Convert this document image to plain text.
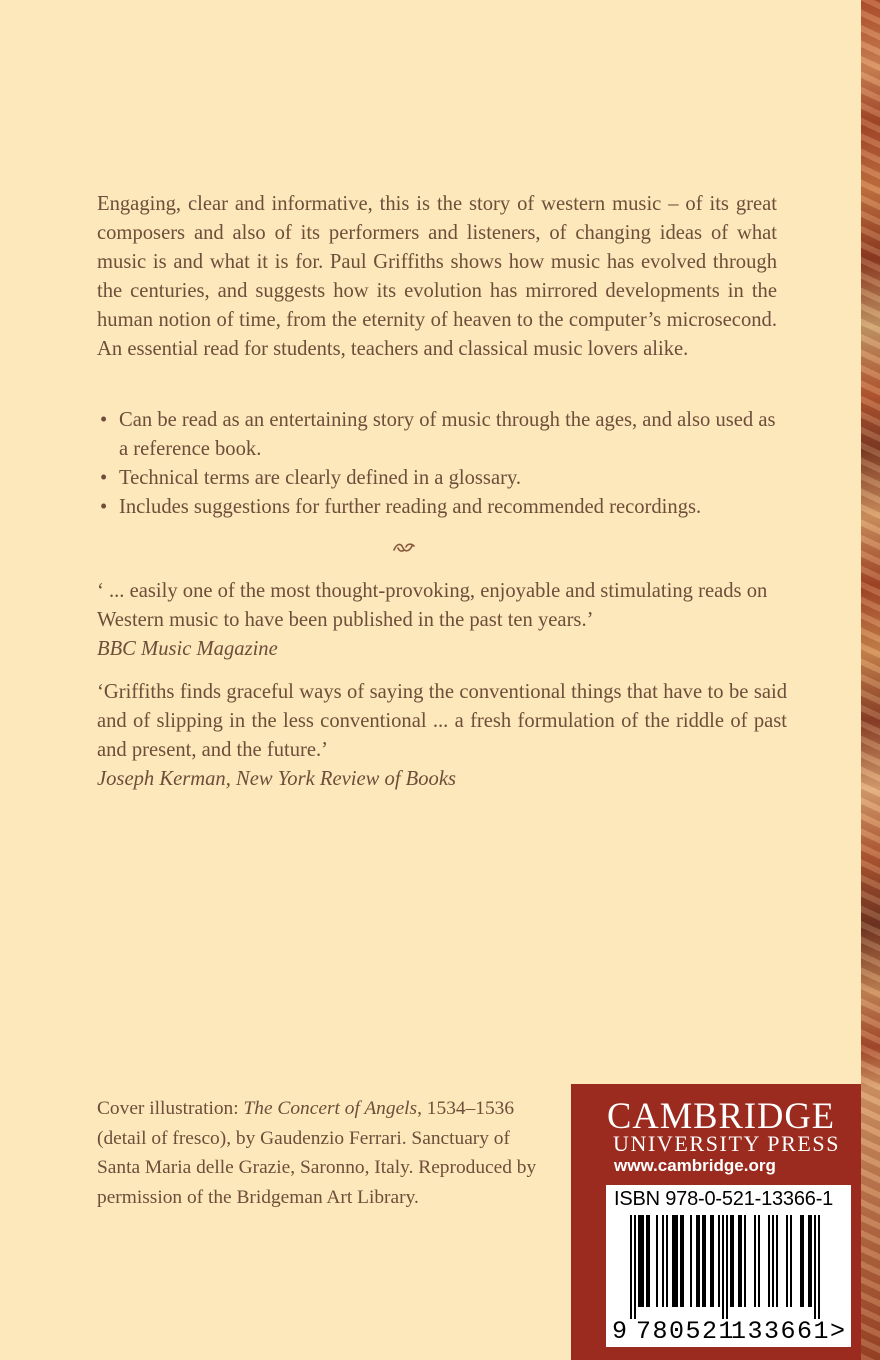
Engaging, clear and informative, this is the story of western music – of its great composers and also of its performers and listeners, of changing ideas of what music is and what it is for. Paul Griffiths shows how music has evolved through the centuries, and suggests how its evolution has mirrored developments in the human notion of time, from the eternity of heaven to the computer’s microsecond. An essential read for students, teachers and classical music lovers alike.

• Can be read as an entertaining story of music through the ages, and also used as a reference book.
• Technical terms are clearly defined in a glossary.
• Includes suggestions for further reading and recommended recordings.
‘ ... easily one of the most thought-provoking, enjoyable and stimulating reads on Western music to have been published in the past ten years.’
BBC Music Magazine
‘Griffiths finds graceful ways of saying the conventional things that have to be said and of slipping in the less conventional ... a fresh formulation of the riddle of past and present, and the future.’
Joseph Kerman, New York Review of Books
Cover illustration: The Concert of Angels, 1534–1536 (detail of fresco), by Gaudenzio Ferrari. Sanctuary of Santa Maria delle Grazie, Saronno, Italy. Reproduced by permission of the Bridgeman Art Library.
CAMBRIDGE
UNIVERSITY PRESS
www.cambridge.org
ISBN 978-0-521-13366-1
9 780521
133661 >
